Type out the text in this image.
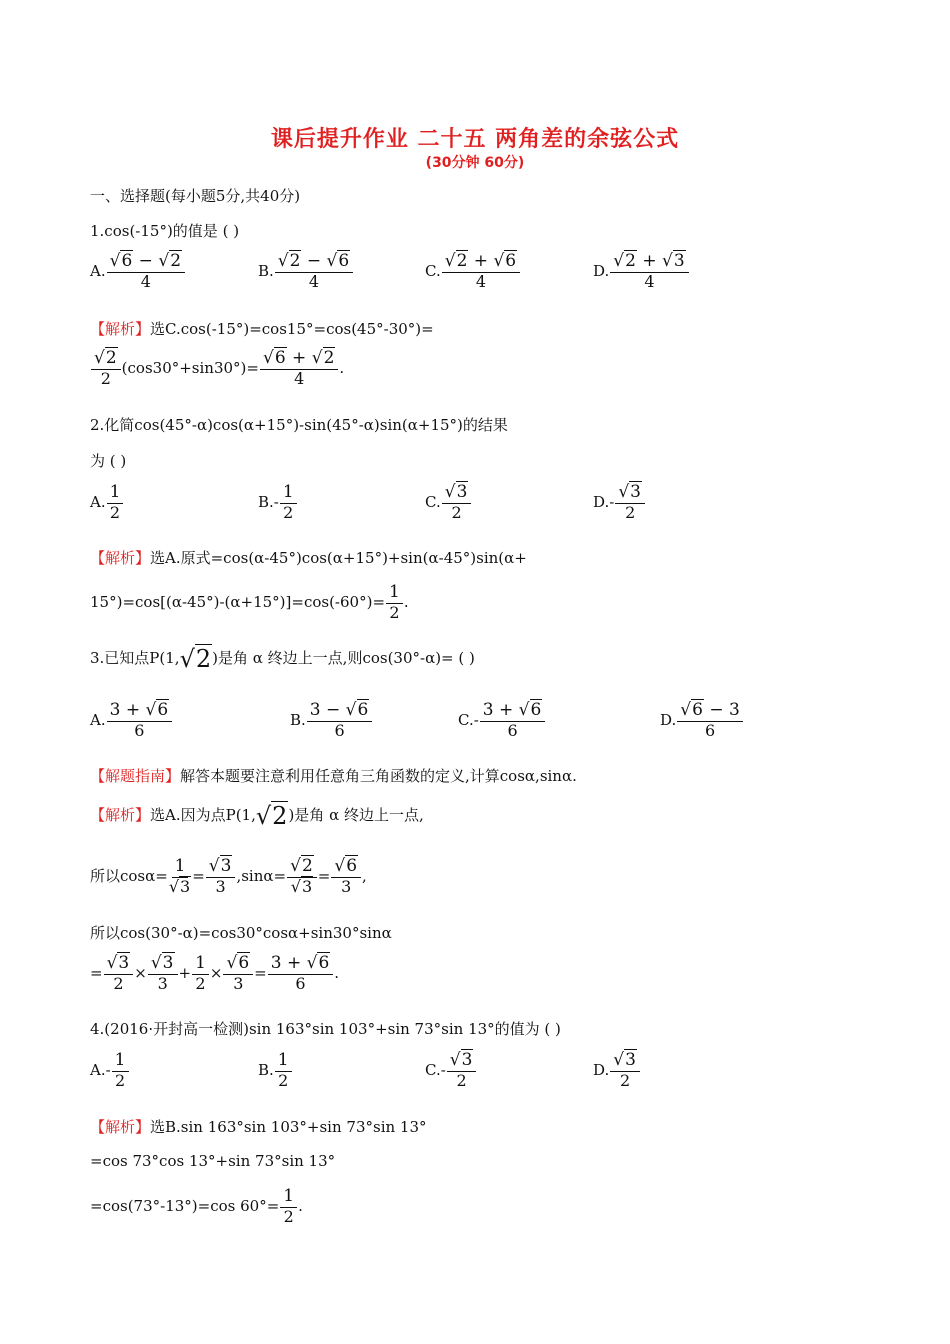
课后提升作业 二十五 两角差的余弦公式
(30分钟 60分)
一、选择题(每小题5分,共40分)
1.cos(-15°)的值是 ( )
A. $\frac{√6 - √2}{4}$	B. $\frac{√2 - √6}{4}$	C. $\frac{√2 + √6}{4}$	D. $\frac{√2 + √3}{4}$
【解析】选C.cos(-15°)=cos15°=cos(45°-30°)=
$\frac{√2}{2} (\cos 30^\circ+\sin 30^\circ)= \frac{√6 + √2}{4}$ .
2.化简cos(45°-α)cos(α+15°)-sin(45°-α)sin(α+15°)的结果
为 ( )
A. $\frac{1}{2}$	$B.- \frac{1}{2}$	C. $\frac{√3}{2}$	$D.- \frac{√3}{2}$
【解析】选A.原式=cos(α-45°)cos(α+15°)+sin(α-45°)sin(α+
$15^\circ)=\cos[(\alpha-45^\circ)-(\alpha+15^\circ)]=\cos(-60^\circ)= \frac{1}{2}$ .
3.已知点P(1,√2)是角 α 终边上一点,则cos(30°-α)= ( )
A. $\frac{3 + √6}{6}$	B. $\frac{3 - √6}{6}$	$C.- \frac{3 + √6}{6}$	D. $\frac{√6 - 3}{6}$
【解题指南】解答本题要注意利用任意角三角函数的定义,计算cosα,sinα.
【解析】选A.因为点P(1,√2)是角 α 终边上一点,
所以$\cos\alpha= \frac{1}{√3} = \frac{√3}{3} ,\sin\alpha= \frac{√2}{√3} = \frac{√6}{3}$ ,
所以cos(30°-α)=cos30°cosα+sin30°sinα
= $\frac{√3}{2} \times \frac{√3}{3} + \frac{1}{2} \times \frac{√6}{3} = \frac{3 + √6}{6}$ .
4.(2016·开封高一检测)sin 163°sin 103°+sin 73°sin 13°的值为 ( )
$A.- \frac{1}{2}$	B. $\frac{1}{2}$	$C.- \frac{√3}{2}$	D. $\frac{√3}{2}$
【解析】选B.sin 163°sin 103°+sin 73°sin 13°
=cos 73°cos 13°+sin 73°sin 13°
=cos(73°-13°)=cos $60^\circ= \frac{1}{2}$ .
